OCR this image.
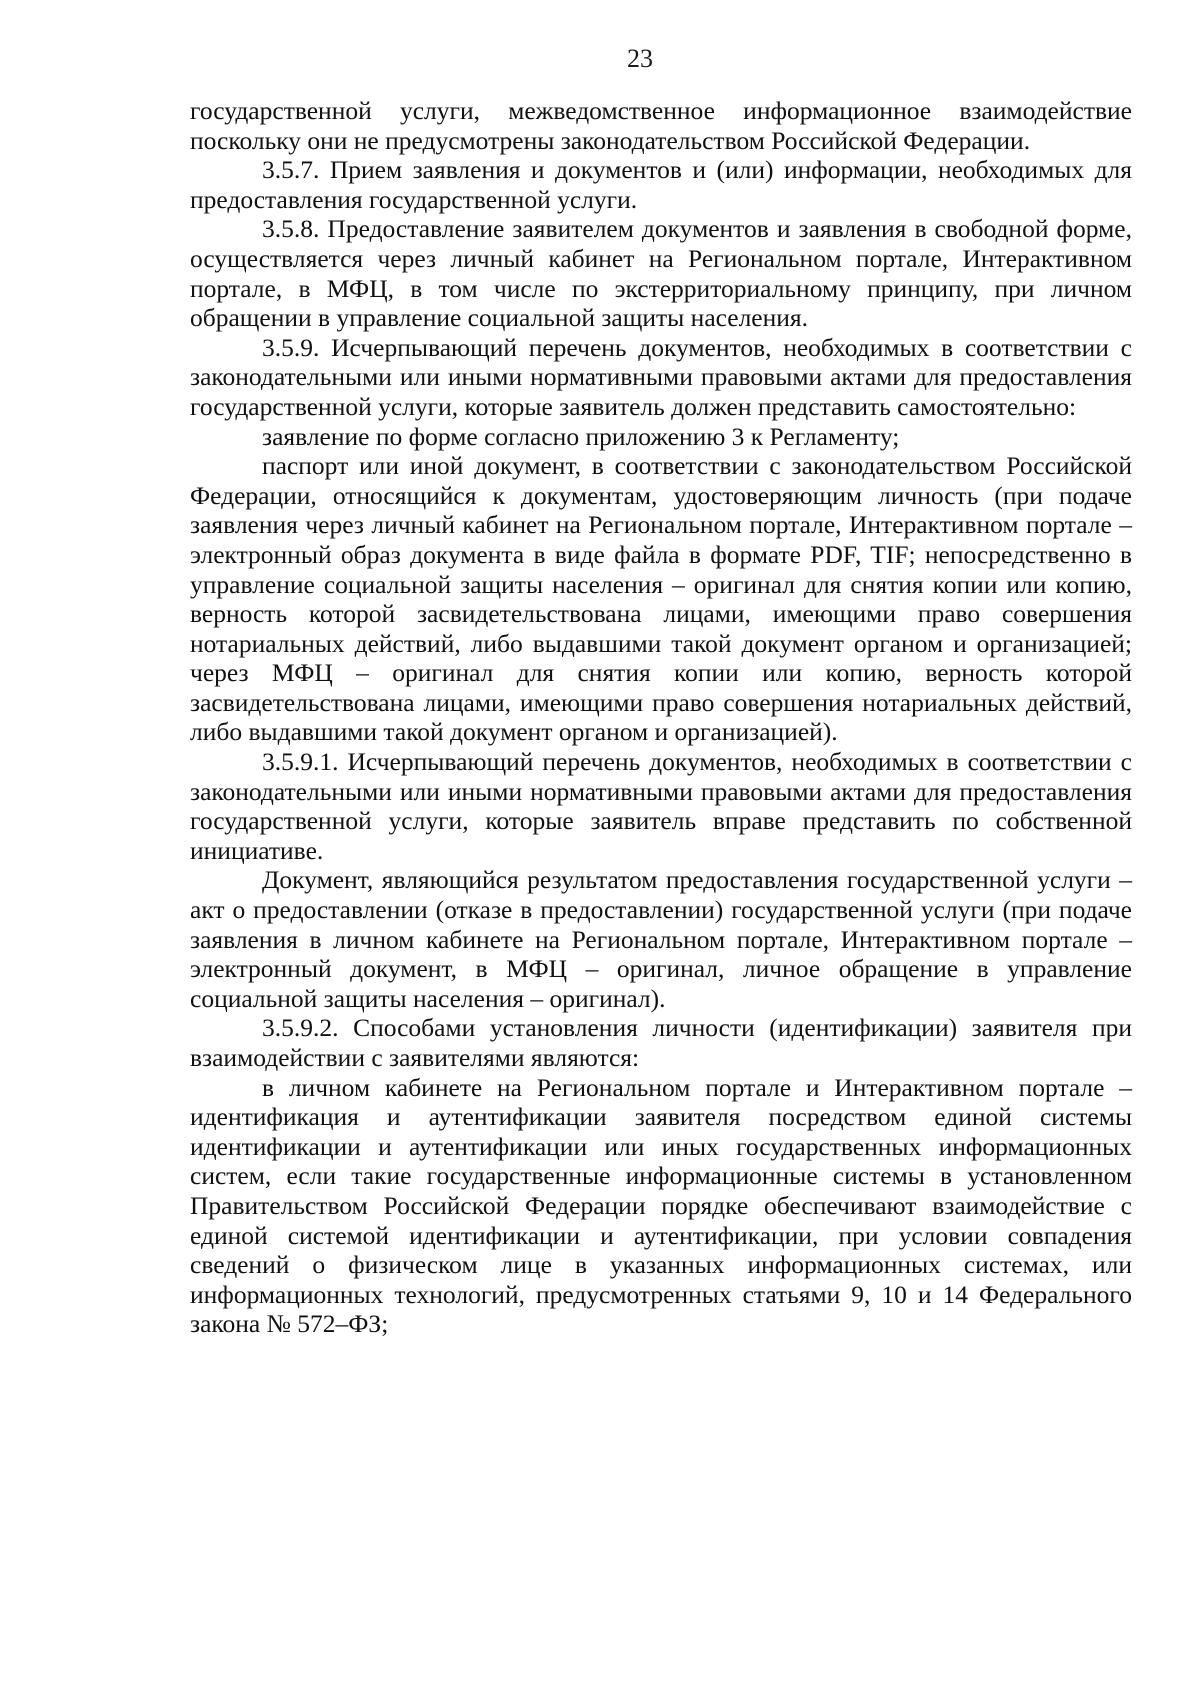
23

государственной услуги, межведомственное информационное взаимодействие поскольку они не предусмотрены законодательством Российской Федерации.

3.5.7. Прием заявления и документов и (или) информации, необходимых для предоставления государственной услуги.

3.5.8. Предоставление заявителем документов и заявления в свободной форме, осуществляется через личный кабинет на Региональном портале, Интерактивном портале, в МФЦ, в том числе по экстерриториальному принципу, при личном обращении в управление социальной защиты населения.

3.5.9. Исчерпывающий перечень документов, необходимых в соответствии с законодательными или иными нормативными правовыми актами для предоставления государственной услуги, которые заявитель должен представить самостоятельно:

заявление по форме согласно приложению 3 к Регламенту;

паспорт или иной документ, в соответствии с законодательством Российской Федерации, относящийся к документам, удостоверяющим личность (при подаче заявления через личный кабинет на Региональном портале, Интерактивном портале – электронный образ документа в виде файла в формате PDF, TIF; непосредственно в управление социальной защиты населения – оригинал для снятия копии или копию, верность которой засвидетельствована лицами, имеющими право совершения нотариальных действий, либо выдавшими такой документ органом и организацией; через МФЦ – оригинал для снятия копии или копию, верность которой засвидетельствована лицами, имеющими право совершения нотариальных действий, либо выдавшими такой документ органом и организацией).

3.5.9.1. Исчерпывающий перечень документов, необходимых в соответствии с законодательными или иными нормативными правовыми актами для предоставления государственной услуги, которые заявитель вправе представить по собственной инициативе.

Документ, являющийся результатом предоставления государственной услуги – акт о предоставлении (отказе в предоставлении) государственной услуги (при подаче заявления в личном кабинете на Региональном портале, Интерактивном портале – электронный документ, в МФЦ – оригинал, личное обращение в управление социальной защиты населения – оригинал).

3.5.9.2. Способами установления личности (идентификации) заявителя при взаимодействии с заявителями являются:

в личном кабинете на Региональном портале и Интерактивном портале – идентификация и аутентификации заявителя посредством единой системы идентификации и аутентификации или иных государственных информационных систем, если такие государственные информационные системы в установленном Правительством Российской Федерации порядке обеспечивают взаимодействие с единой системой идентификации и аутентификации, при условии совпадения сведений о физическом лице в указанных информационных системах, или информационных технологий, предусмотренных статьями 9, 10 и 14 Федерального закона № 572–ФЗ;
